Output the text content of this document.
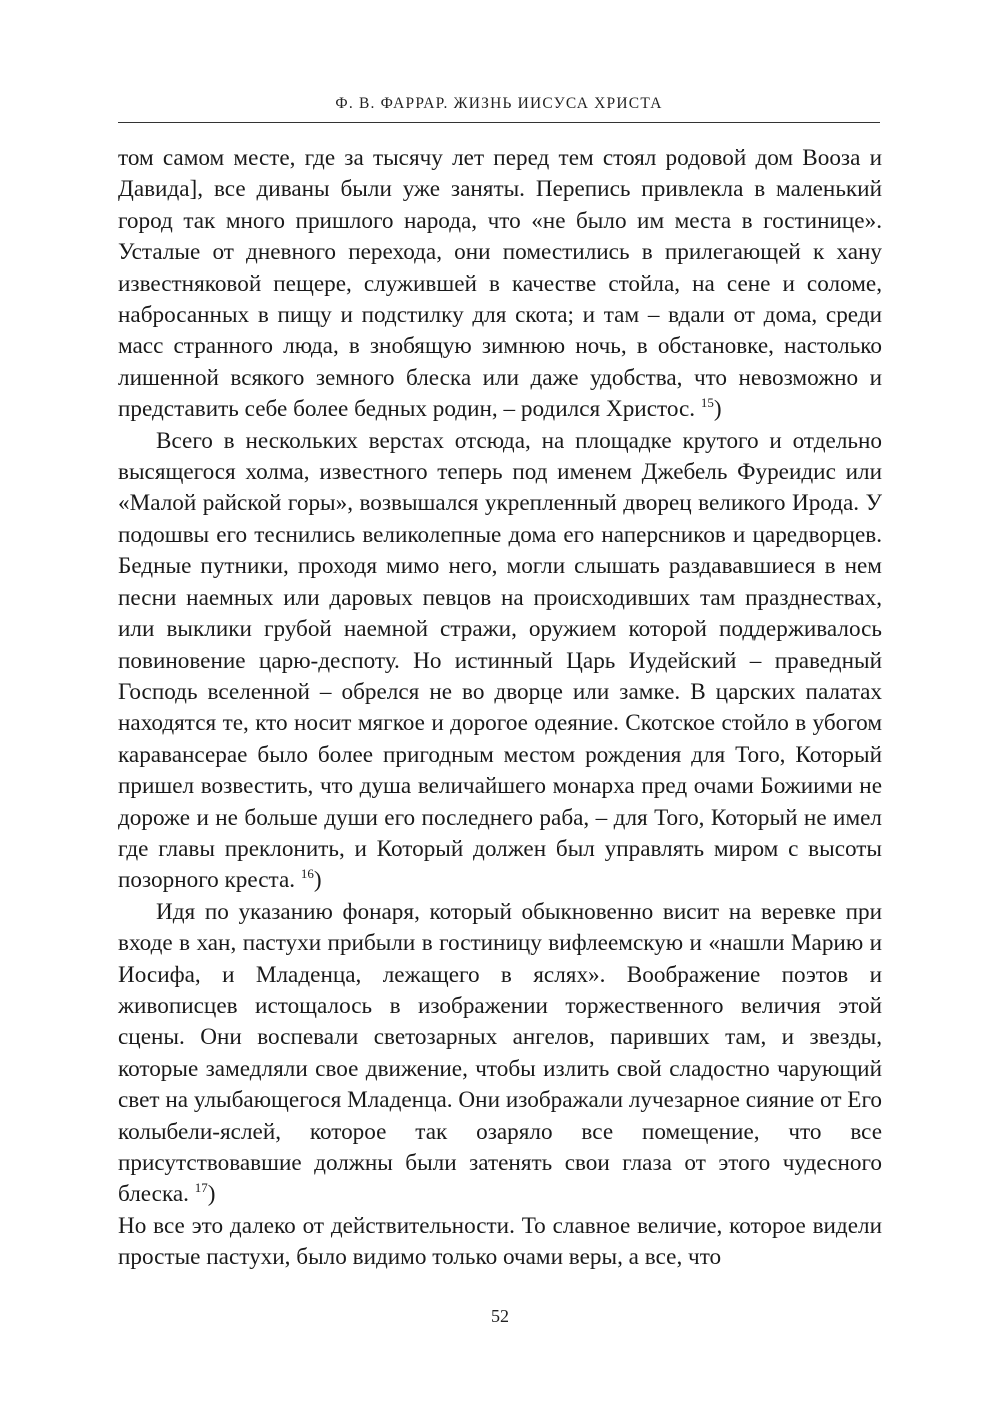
Ф. В. ФАРРАР. ЖИЗНЬ ИИСУСА ХРИСТА

том самом месте, где за тысячу лет перед тем стоял родовой дом Вооза и Давида], все диваны были уже заняты. Перепись привлекла в маленький город так много пришлого народа, что «не было им места в гостинице». Усталые от дневного перехода, они поместились в прилегающей к хану известняковой пещере, служившей в качестве стойла, на сене и соломе, набросанных в пищу и подстилку для скота; и там – вдали от дома, среди масс странного люда, в знобящую зимнюю ночь, в обстановке, настолько лишенной всякого земного блеска или даже удобства, что невозможно и представить себе более бедных родин, – родился Христос. $^{15}$)

Всего в нескольких верстах отсюда, на площадке крутого и отдельно высящегося холма, известного теперь под именем Джебель Фуреидис или «Малой райской горы», возвышался укрепленный дворец великого Ирода. У подошвы его теснились великолепные дома его наперсников и царедворцев. Бедные путники, проходя мимо него, могли слышать раздававшиеся в нем песни наемных или даровых певцов на происходивших там празднествах, или выклики грубой наемной стражи, оружием которой поддерживалось повиновение царю-деспоту. Но истинный Царь Иудейский – праведный Господь вселенной – обрелся не во дворце или замке. В царских палатах находятся те, кто носит мягкое и дорогое одеяние. Скотское стойло в убогом каравансерае было более пригодным местом рождения для Того, Который пришел возвестить, что душа величайшего монарха пред очами Божиими не дороже и не больше души его последнего раба, – для Того, Который не имел где главы преклонить, и Который должен был управлять миром с высоты позорного креста. $^{16}$)

Идя по указанию фонаря, который обыкновенно висит на веревке при входе в хан, пастухи прибыли в гостиницу вифлеемскую и «нашли Марию и Иосифа, и Младенца, лежащего в яслях». Воображение поэтов и живописцев истощалось в изображении торжественного величия этой сцены. Они воспевали светозарных ангелов, паривших там, и звезды, которые замедляли свое движение, чтобы излить свой сладостно чарующий свет на улыбающегося Младенца. Они изображали лучезарное сияние от Его колыбели-яслей, которое так озаряло все помещение, что все присутствовавшие должны были затенять свои глаза от этого чудесного блеска. $^{17}$)

Но все это далеко от действительности. То славное величие, которое видели простые пастухи, было видимо только очами веры, а все, что

52
